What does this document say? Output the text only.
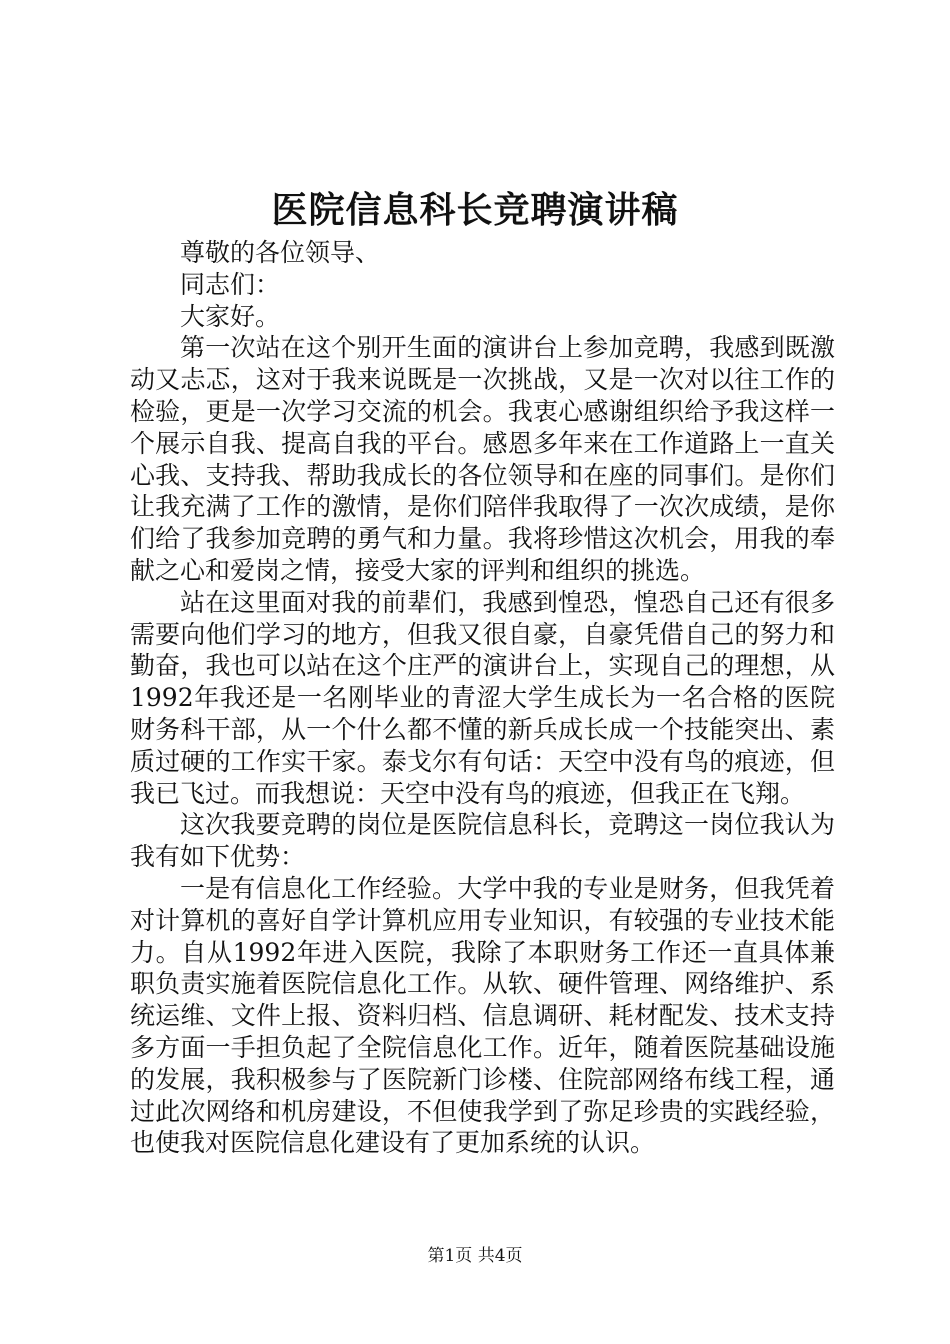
医院信息科长竞聘演讲稿

尊敬的各位领导、

同志们：

大家好。

第一次站在这个别开生面的演讲台上参加竞聘，我感到既激动又忐忑，这对于我来说既是一次挑战，又是一次对以往工作的检验，更是一次学习交流的机会。我衷心感谢组织给予我这样一个展示自我、提高自我的平台。感恩多年来在工作道路上一直关心我、支持我、帮助我成长的各位领导和在座的同事们。是你们让我充满了工作的激情，是你们陪伴我取得了一次次成绩，是你们给了我参加竞聘的勇气和力量。我将珍惜这次机会，用我的奉献之心和爱岗之情，接受大家的评判和组织的挑选。

站在这里面对我的前辈们，我感到惶恐，惶恐自己还有很多需要向他们学习的地方，但我又很自豪，自豪凭借自己的努力和勤奋，我也可以站在这个庄严的演讲台上，实现自己的理想，从1992年我还是一名刚毕业的青涩大学生成长为一名合格的医院财务科干部，从一个什么都不懂的新兵成长成一个技能突出、素质过硬的工作实干家。泰戈尔有句话：天空中没有鸟的痕迹，但我已飞过。而我想说：天空中没有鸟的痕迹，但我正在飞翔。

这次我要竞聘的岗位是医院信息科长，竞聘这一岗位我认为我有如下优势：

一是有信息化工作经验。大学中我的专业是财务，但我凭着对计算机的喜好自学计算机应用专业知识，有较强的专业技术能力。自从1992年进入医院，我除了本职财务工作还一直具体兼职负责实施着医院信息化工作。从软、硬件管理、网络维护、系统运维、文件上报、资料归档、信息调研、耗材配发、技术支持多方面一手担负起了全院信息化工作。近年，随着医院基础设施的发展，我积极参与了医院新门诊楼、住院部网络布线工程，通过此次网络和机房建设，不但使我学到了弥足珍贵的实践经验，也使我对医院信息化建设有了更加系统的认识。

第1页 共4页
